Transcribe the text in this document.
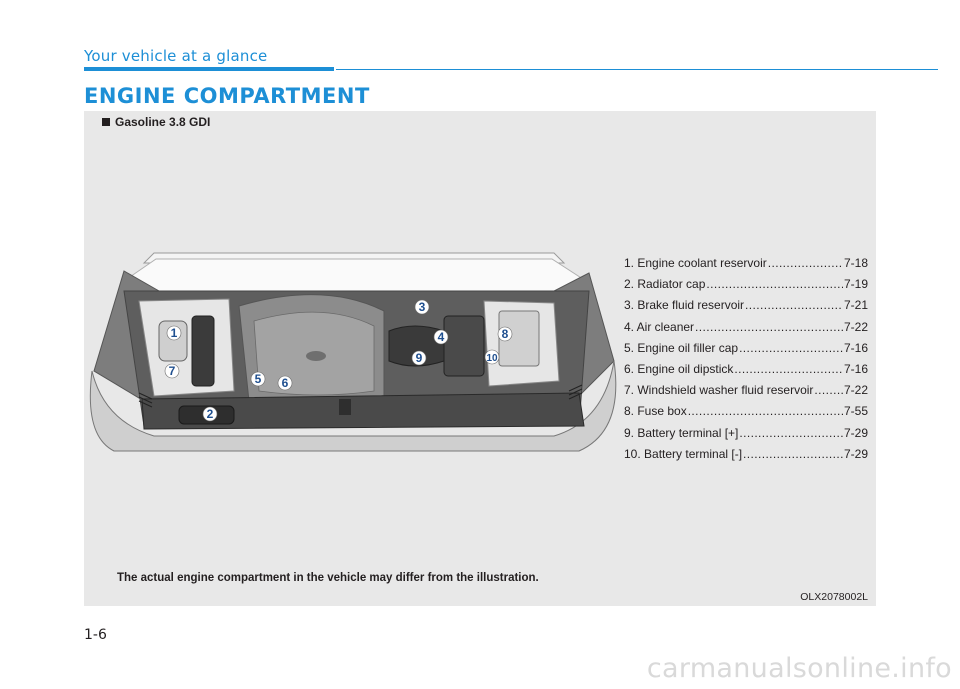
Your vehicle at a glance
ENGINE COMPARTMENT
Gasoline 3.8 GDI
1
2
3
4
5 6
7
8
9	10
1. Engine coolant reservoir .....	7-18
2. Radiator cap .....	7-19
3. Brake fluid reservoir .....	7-21
4. Air cleaner .....	7-22
5. Engine oil filler cap .....	7-16
6. Engine oil dipstick .....	7-16
7. Windshield washer fluid reservoir .....	7-22
8. Fuse box .....	7-55
9. Battery terminal [+] .....	7-29
10. Battery terminal [-] .....	7-29
The actual engine compartment in the vehicle may differ from the illustration.
OLX2078002L
1-6
carmanualsonline.info
